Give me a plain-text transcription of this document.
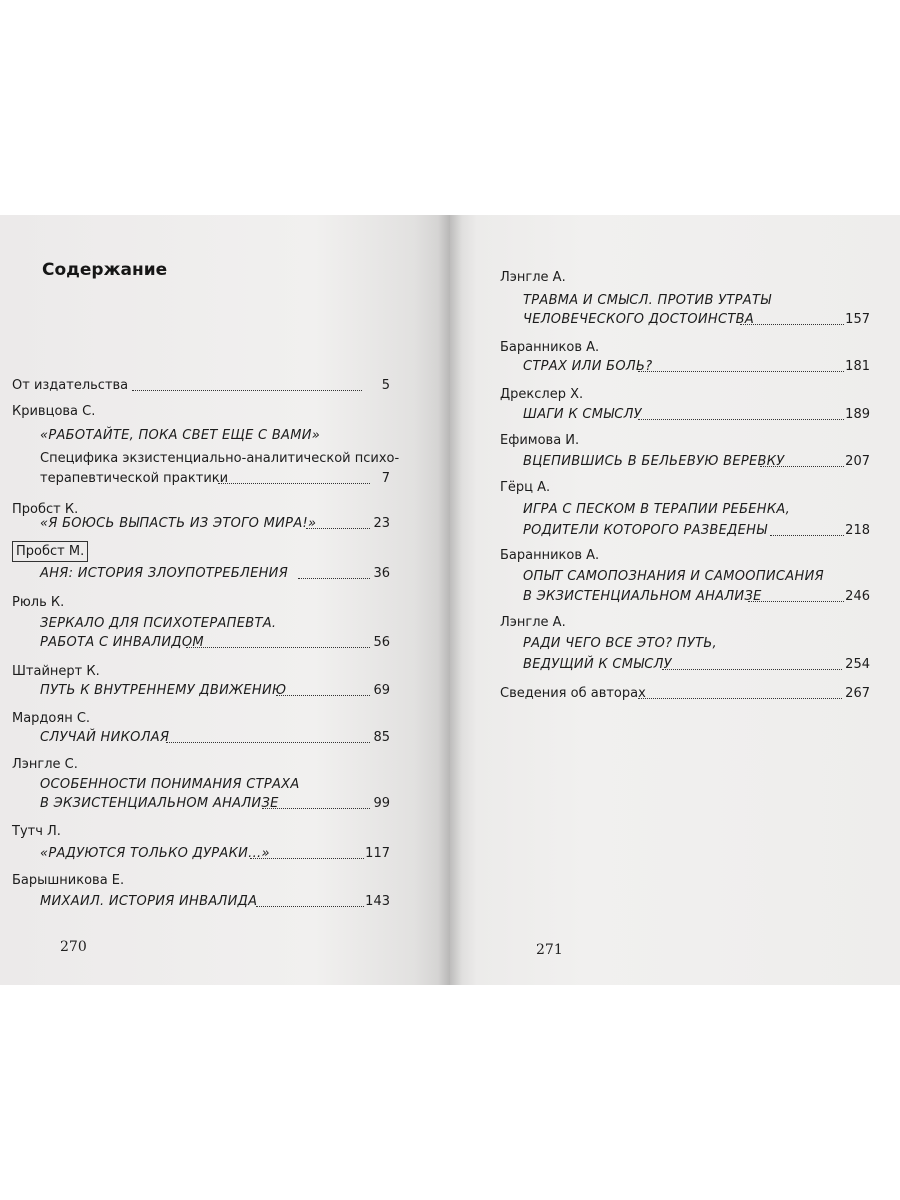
Содержание
От издательства	5
Кривцова С.
«РАБОТАЙТЕ, ПОКА СВЕТ ЕЩЕ С ВАМИ»
Специфика экзистенциально-аналитической психо-
терапевтической практики	7
Пробст К.
«Я БОЮСЬ ВЫПАСТЬ ИЗ ЭТОГО МИРА!»	23
Пробст М.
АНЯ: ИСТОРИЯ ЗЛОУПОТРЕБЛЕНИЯ	36
Рюль К.
ЗЕРКАЛО ДЛЯ ПСИХОТЕРАПЕВТА.
РАБОТА С ИНВАЛИДОМ	56
Штайнерт К.
ПУТЬ К ВНУТРЕННЕМУ ДВИЖЕНИЮ	69
Мардоян С.
СЛУЧАЙ НИКОЛАЯ	85
Лэнгле С.
ОСОБЕННОСТИ ПОНИМАНИЯ СТРАХА
В ЭКЗИСТЕНЦИАЛЬНОМ АНАЛИЗЕ	99
Тутч Л.
«РАДУЮТСЯ ТОЛЬКО ДУРАКИ...»	117
Барышникова Е.
МИХАИЛ. ИСТОРИЯ ИНВАЛИДА	143
270
Лэнгле А.
ТРАВМА И СМЫСЛ. ПРОТИВ УТРАТЫ
ЧЕЛОВЕЧЕСКОГО ДОСТОИНСТВА	157
Баранников А.
СТРАХ ИЛИ БОЛЬ?	181
Дрекслер Х.
ШАГИ К СМЫСЛУ	189
Ефимова И.
ВЦЕПИВШИСЬ В БЕЛЬЕВУЮ ВЕРЕВКУ	207
Гёрц А.
ИГРА С ПЕСКОМ В ТЕРАПИИ РЕБЕНКА,
РОДИТЕЛИ КОТОРОГО РАЗВЕДЕНЫ	218
Баранников А.
ОПЫТ САМОПОЗНАНИЯ И САМООПИСАНИЯ
В ЭКЗИСТЕНЦИАЛЬНОМ АНАЛИЗЕ	246
Лэнгле А.
РАДИ ЧЕГО ВСЕ ЭТО? ПУТЬ,
ВЕДУЩИЙ К СМЫСЛУ	254
Сведения об авторах	267
271
